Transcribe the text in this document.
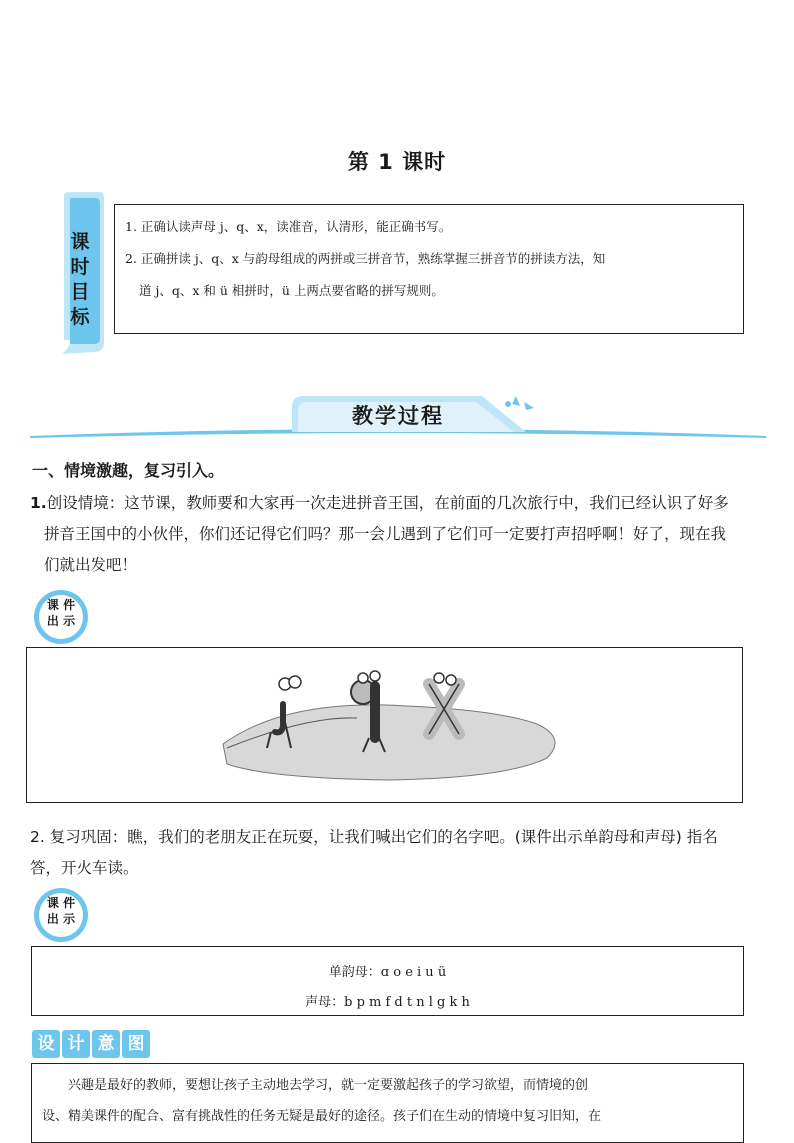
第 1 课时
课
时
目
标

1. 正确认读声母 j、q、x，读准音，认清形，能正确书写。

2. 正确拼读 j、q、x 与韵母组成的两拼或三拼音节，熟练掌握三拼音节的拼读方法，知

道 j、q、x 和 ü 相拼时，ü 上两点要省略的拼写规则。

教学过程
一、情境激趣，复习引入。
1.创设情境：这节课，教师要和大家再一次走进拼音王国，在前面的几次旅行中，我们已经认识了好多
拼音王国中的小伙伴，你们还记得它们吗？那一会儿遇到了它们可一定要打声招呼啊！好了，现在我
们就出发吧！
课 件
出 示
2. 复习巩固：瞧，我们的老朋友正在玩耍，让我们喊出它们的名字吧。(课件出示单韵母和声母) 指名
答，开火车读。
课 件
出 示
单韵母：ɑ o e i u ü
声母：b p m f d t n l g k h
设 计 意 图

兴趣是最好的教师，要想让孩子主动地去学习，就一定要激起孩子的学习欲望，而情境的创

设、精美课件的配合、富有挑战性的任务无疑是最好的途径。孩子们在生动的情境中复习旧知，在
